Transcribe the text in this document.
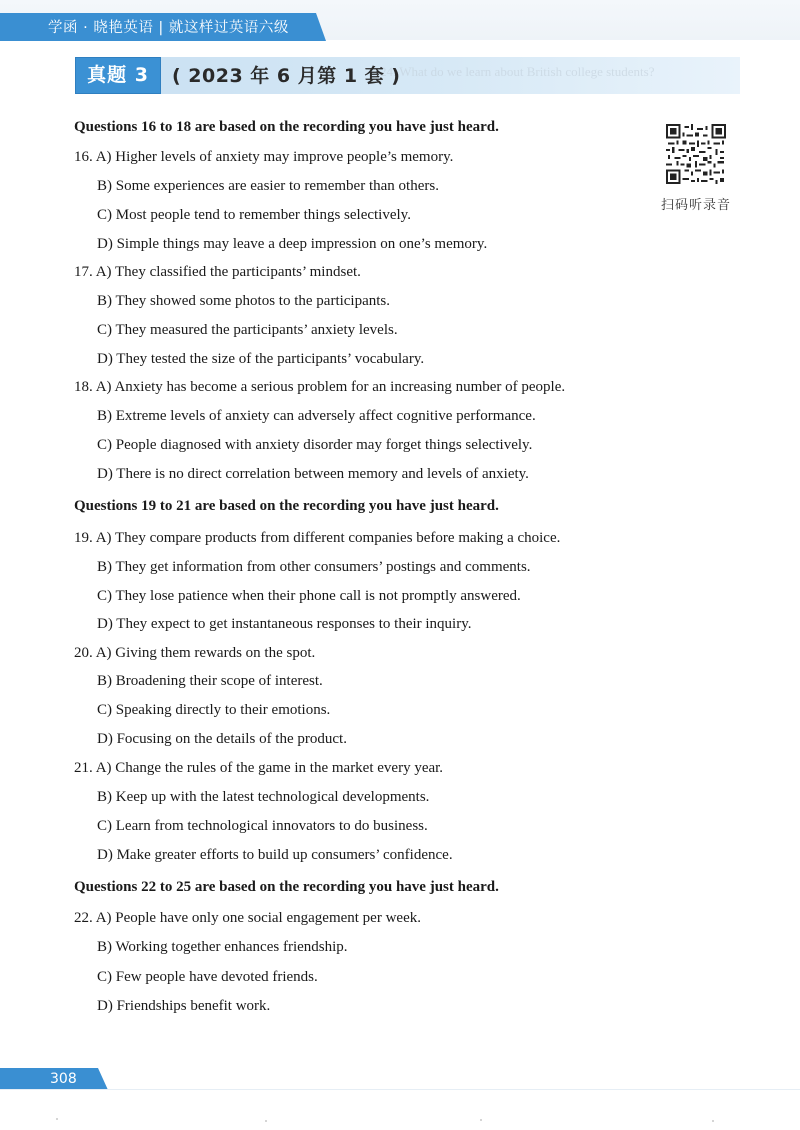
学函 · 晓艳英语 | 就这样过英语六级
24. What do we learn about British college students?
真题 3	( 2023 年 6 月第 1 套 )
扫码听录音
Questions 16 to 18 are based on the recording you have just heard.
16. A) Higher levels of anxiety may improve people’s memory.
B) Some experiences are easier to remember than others.
C) Most people tend to remember things selectively.
D) Simple things may leave a deep impression on one’s memory.
17. A) They classified the participants’ mindset.
B) They showed some photos to the participants.
C) They measured the participants’ anxiety levels.
D) They tested the size of the participants’ vocabulary.
18. A) Anxiety has become a serious problem for an increasing number of people.
B) Extreme levels of anxiety can adversely affect cognitive performance.
C) People diagnosed with anxiety disorder may forget things selectively.
D) There is no direct correlation between memory and levels of anxiety.
Questions 19 to 21 are based on the recording you have just heard.
19. A) They compare products from different companies before making a choice.
B) They get information from other consumers’ postings and comments.
C) They lose patience when their phone call is not promptly answered.
D) They expect to get instantaneous responses to their inquiry.
20. A) Giving them rewards on the spot.
B) Broadening their scope of interest.
C) Speaking directly to their emotions.
D) Focusing on the details of the product.
21. A) Change the rules of the game in the market every year.
B) Keep up with the latest technological developments.
C) Learn from technological innovators to do business.
D) Make greater efforts to build up consumers’ confidence.
Questions 22 to 25 are based on the recording you have just heard.
22. A) People have only one social engagement per week.
B) Working together enhances friendship.
C) Few people have devoted friends.
D) Friendships benefit work.
308
